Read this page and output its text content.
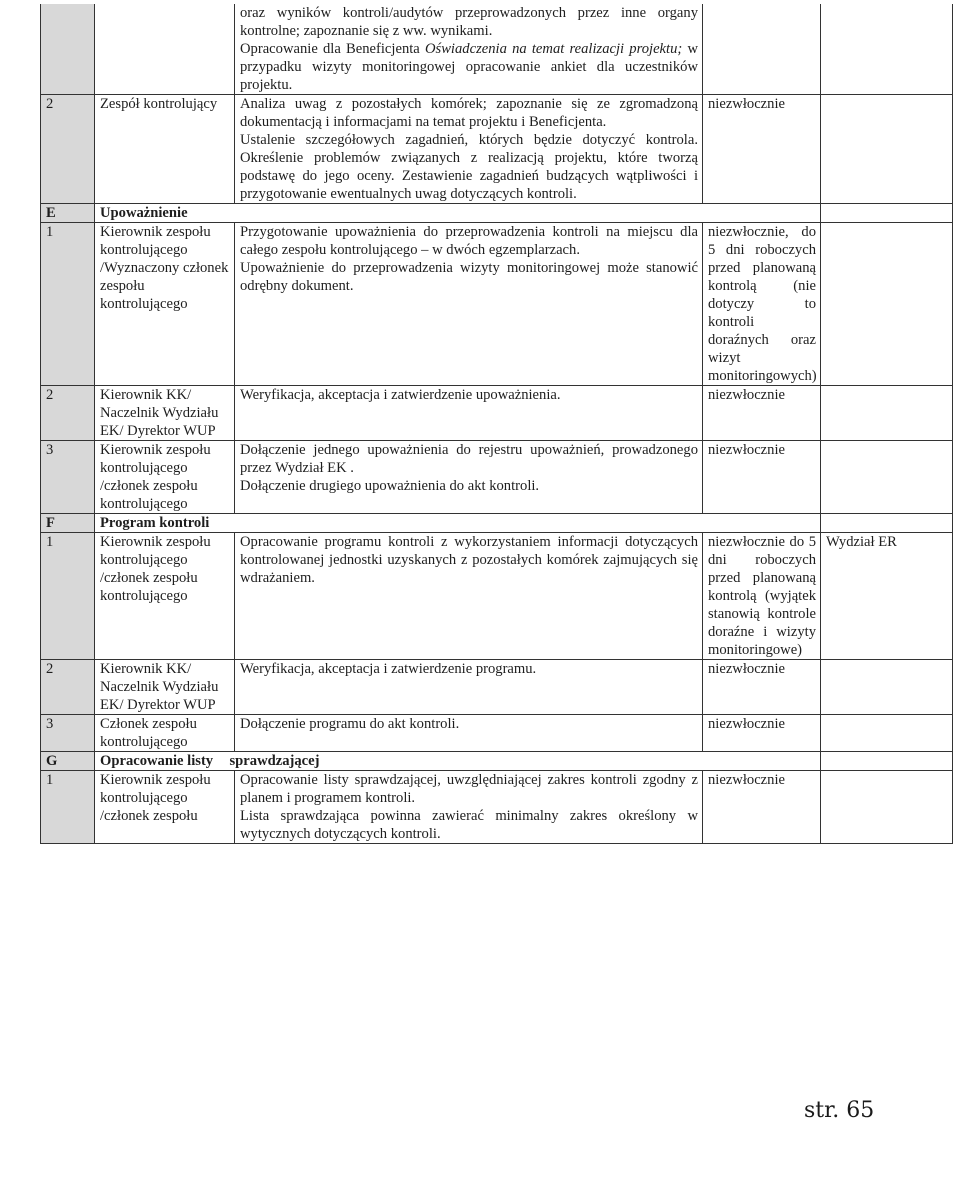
		oraz wyników kontroli/audytów przeprowadzonych przez inne organy kontrolne; zapoznanie się z ww. wynikami.

Opracowanie dla Beneficjenta Oświadczenia na temat realizacji projektu; w przypadku wizyty monitoringowej opracowanie ankiet dla uczestników projektu.		

2	Zespół kontrolujący	Analiza uwag z pozostałych komórek; zapoznanie się ze zgromadzoną dokumentacją i informacjami na temat projektu i Beneficjenta.

Ustalenie szczegółowych zagadnień, których będzie dotyczyć kontrola. Określenie problemów związanych z realizacją projektu, które tworzą podstawę do jego oceny. Zestawienie zagadnień budzących wątpliwości i przygotowanie ewentualnych uwag dotyczących kontroli.	niezwłocznie	
E	Upoważnienie			
1	Kierownik zespołu kontrolującego /Wyznaczony członek zespołu kontrolującego	Przygotowanie upoważnienia do przeprowadzenia kontroli na miejscu dla całego zespołu kontrolującego – w dwóch egzemplarzach.

Upoważnienie do przeprowadzenia wizyty monitoringowej może stanowić odrębny dokument.	niezwłocznie, do 5 dni roboczych przed planowaną kontrolą (nie dotyczy to kontroli doraźnych oraz wizyt monitoringowych)	
2	Kierownik KK/ Naczelnik Wydziału EK/ Dyrektor WUP	Weryfikacja, akceptacja i zatwierdzenie upoważnienia.	niezwłocznie	
3	Kierownik zespołu kontrolującego /członek zespołu kontrolującego	Dołączenie jednego upoważnienia do rejestru upoważnień, prowadzonego przez Wydział EK .

Dołączenie drugiego upoważnienia do akt kontroli.	niezwłocznie	
F	Program kontroli			
1	Kierownik zespołu kontrolującego /członek zespołu kontrolującego	Opracowanie programu kontroli z wykorzystaniem informacji dotyczących kontrolowanej jednostki uzyskanych z pozostałych komórek zajmujących się wdrażaniem.	niezwłocznie do 5 dni roboczych przed planowaną kontrolą (wyjątek stanowią kontrole doraźne i wizyty monitoringowe)	Wydział ER
2	Kierownik KK/ Naczelnik Wydziału EK/ Dyrektor WUP	Weryfikacja, akceptacja i zatwierdzenie programu.	niezwłocznie	
3	Członek zespołu kontrolującego	Dołączenie programu do akt kontroli.	niezwłocznie	
G	Opracowanie listy	sprawdzającej		
1	Kierownik zespołu kontrolującego /członek zespołu	Opracowanie listy sprawdzającej, uwzględniającej zakres kontroli zgodny z planem i programem kontroli.

Lista sprawdzająca powinna zawierać minimalny zakres określony w wytycznych dotyczących kontroli.	niezwłocznie	
str. 65
